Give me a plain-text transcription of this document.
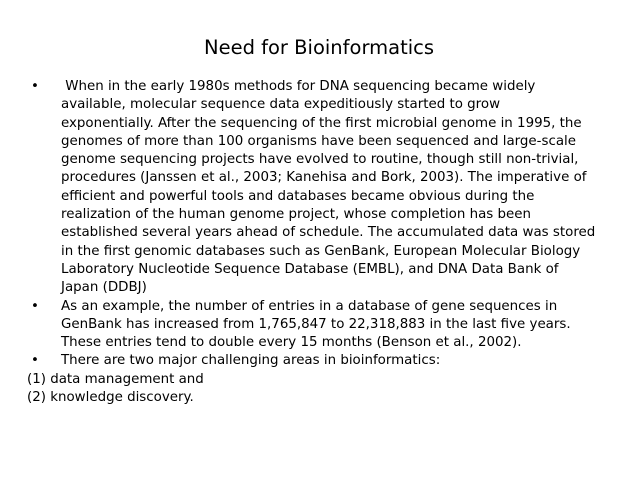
Need for Bioinformatics
•	When in the early 1980s methods for DNA sequencing became widely
available, molecular sequence data expeditiously started to grow
exponentially. After the sequencing of the first microbial genome in 1995, the
genomes of more than 100 organisms have been sequenced and large-scale
genome sequencing projects have evolved to routine, though still non-trivial,
procedures (Janssen et al., 2003; Kanehisa and Bork, 2003). The imperative of
efficient and powerful tools and databases became obvious during the
realization of the human genome project, whose completion has been
established several years ahead of schedule. The accumulated data was stored
in the first genomic databases such as GenBank, European Molecular Biology
Laboratory Nucleotide Sequence Database (EMBL), and DNA Data Bank of
Japan (DDBJ)
•	As an example, the number of entries in a database of gene sequences in
GenBank has increased from 1,765,847 to 22,318,883 in the last five years.
These entries tend to double every 15 months (Benson et al., 2002).
•	There are two major challenging areas in bioinformatics:
(1) data management and
(2) knowledge discovery.
